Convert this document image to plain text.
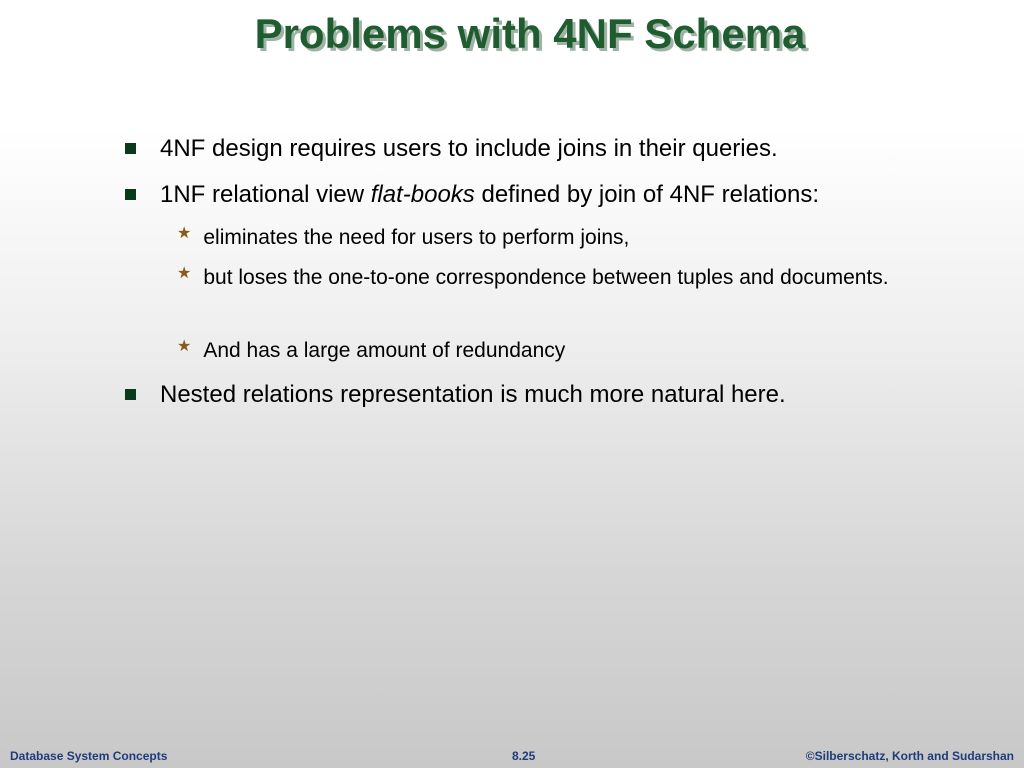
Problems with 4NF Schema
4NF design requires users to include joins in their queries.
1NF relational view flat-books defined by join of 4NF relations:
★ eliminates the need for users to perform joins,
★ but loses the one-to-one correspondence between tuples and documents.
★ And has a large amount of redundancy
Nested relations representation is much more natural here.
Database System Concepts	8.25	©Silberschatz, Korth and Sudarshan
